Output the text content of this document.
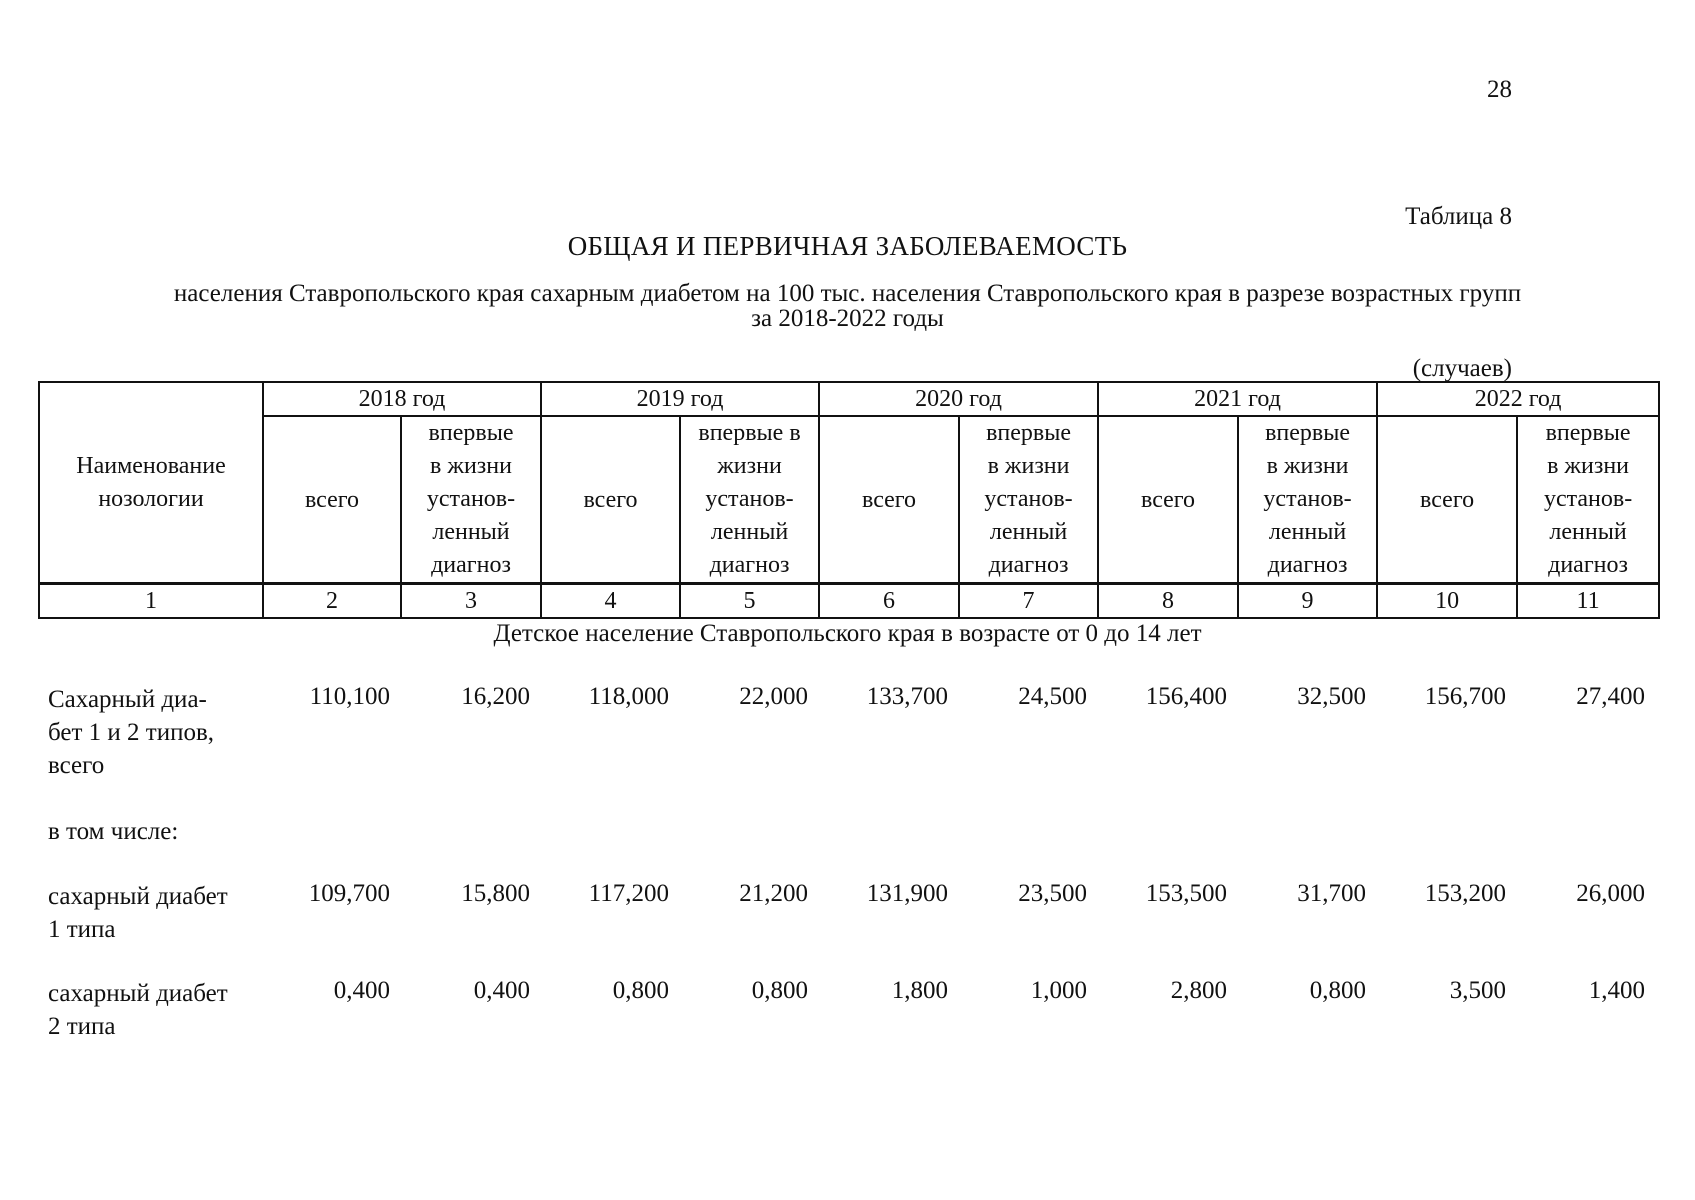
28
Таблица 8
ОБЩАЯ И ПЕРВИЧНАЯ ЗАБОЛЕВАЕМОСТЬ
населения Ставропольского края сахарным диабетом на 100 тыс. населения Ставропольского края в разрезе возрастных групп
за 2018-2022 годы
(случаев)
Наименование
нозологии	2018 год		2019 год		2020 год		2021 год		2022 год	
	всего	впервые
в жизни
установ-
ленный
диагноз	всего	впервые в
жизни
установ-
ленный
диагноз	всего	впервые
в жизни
установ-
ленный
диагноз	всего	впервые
в жизни
установ-
ленный
диагноз	всего	впервые
в жизни
установ-
ленный
диагноз

1	2	3	4	5	6	7	8	9	10	11
Детское население Ставропольского края в возрасте от 0 до 14 лет
Сахарный диа-
бет 1 и 2 типов,
всего
110,100	16,200 118,000	22,000 133,700	24,500 156,400	32,500 156,700	27,400
в том числе:
сахарный диабет
1 типа
109,700	15,800 117,200	21,200 131,900	23,500 153,500	31,700 153,200	26,000
сахарный диабет
2 типа
0,400	0,400	0,800	0,800	1,800	1,000	2,800	0,800	3,500	1,400
